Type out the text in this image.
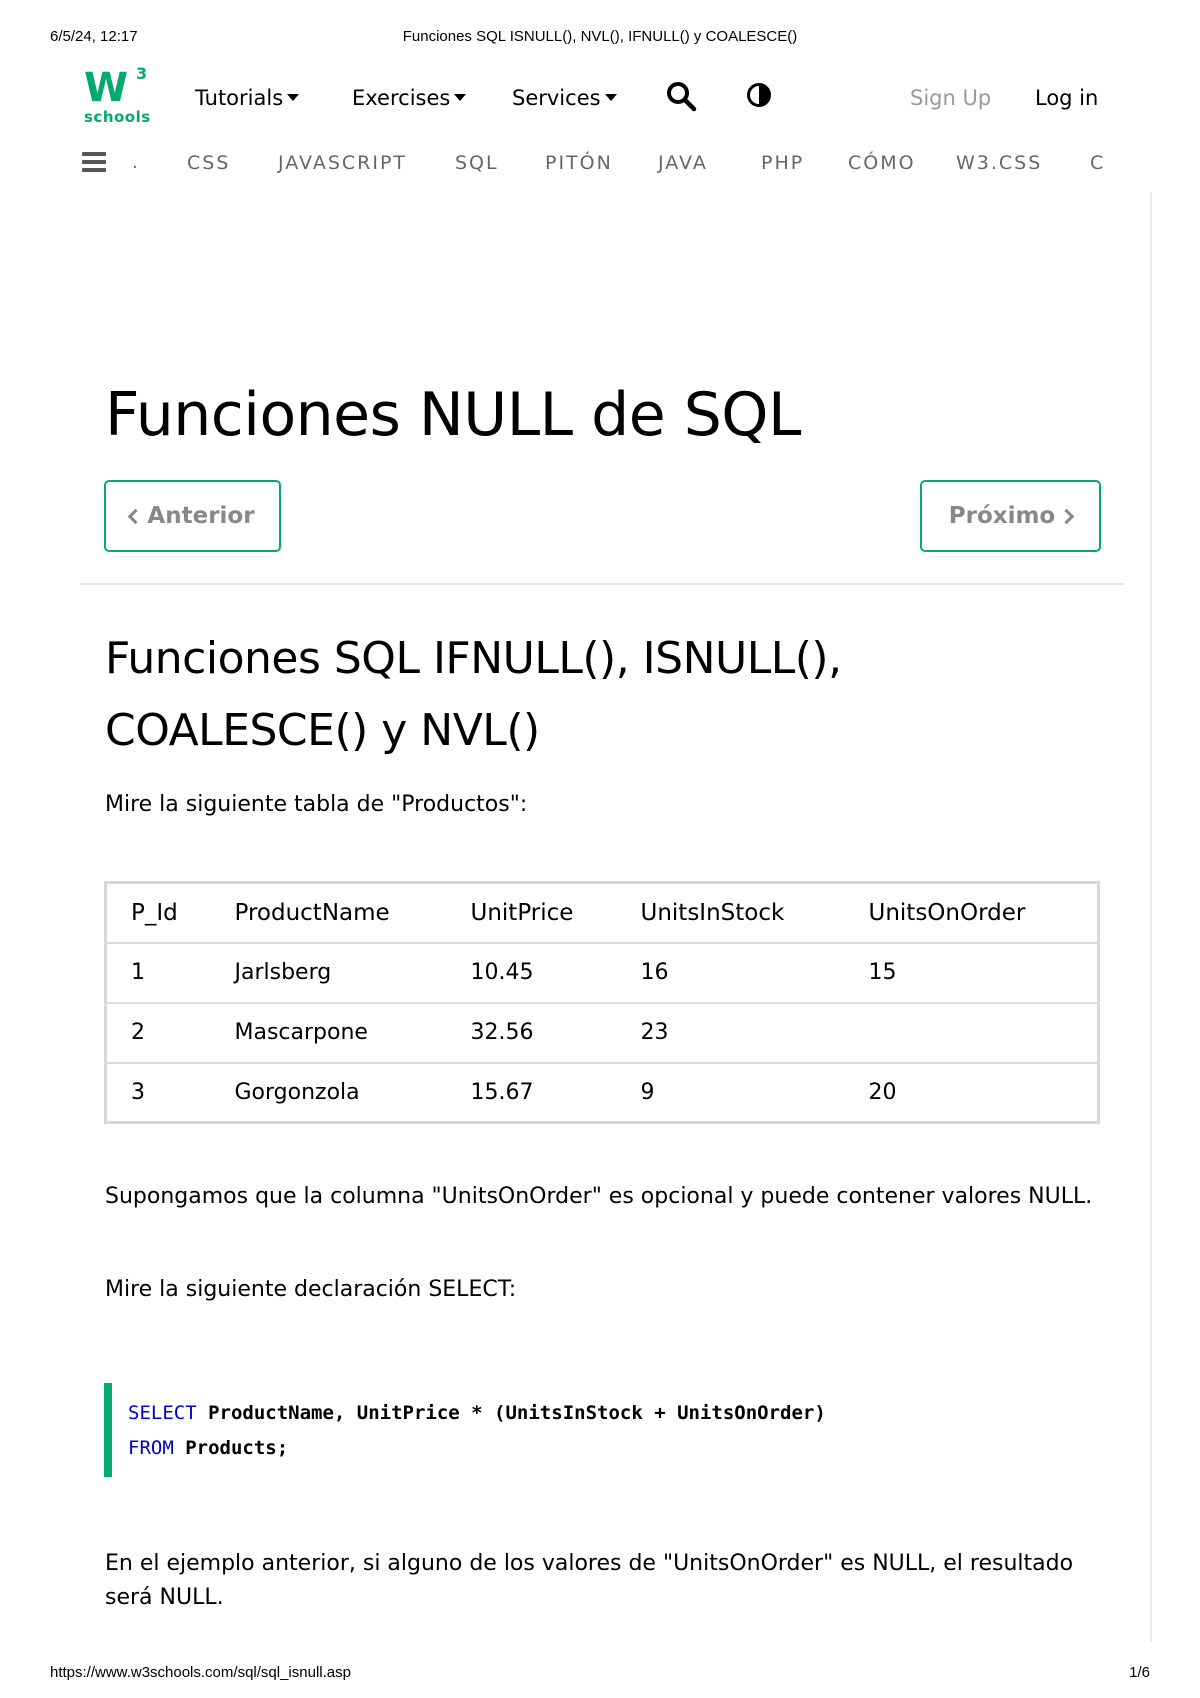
6/5/24, 12:17	Funciones SQL ISNULL(), NVL(), IFNULL() y COALESCE()
W 3
schools
Tutorials	Exercises	Services	Sign Up Log in
.	CSS	JAVASCRIPT	SQL PITÓN JAVA	PHP CÓMO W3.CSS	C
Funciones NULL de SQL
Anterior	Próximo
Funciones SQL IFNULL(), ISNULL(), COALESCE() y NVL()

Mire la siguiente tabla de "Productos":

P_Id	ProductName	UnitPrice	UnitsInStock	UnitsOnOrder
1	Jarlsberg	10.45	16	15
2	Mascarpone	32.56	23	
3	Gorgonzola	15.67	9	20

Supongamos que la columna "UnitsOnOrder" es opcional y puede contener valores NULL.

Mire la siguiente declaración SELECT:

SELECT ProductName, UnitPrice * (UnitsInStock + UnitsOnOrder)
FROM Products;

En el ejemplo anterior, si alguno de los valores de "UnitsOnOrder" es NULL, el resultado será NULL.

https://www.w3schools.com/sql/sql_isnull.asp	1/6
